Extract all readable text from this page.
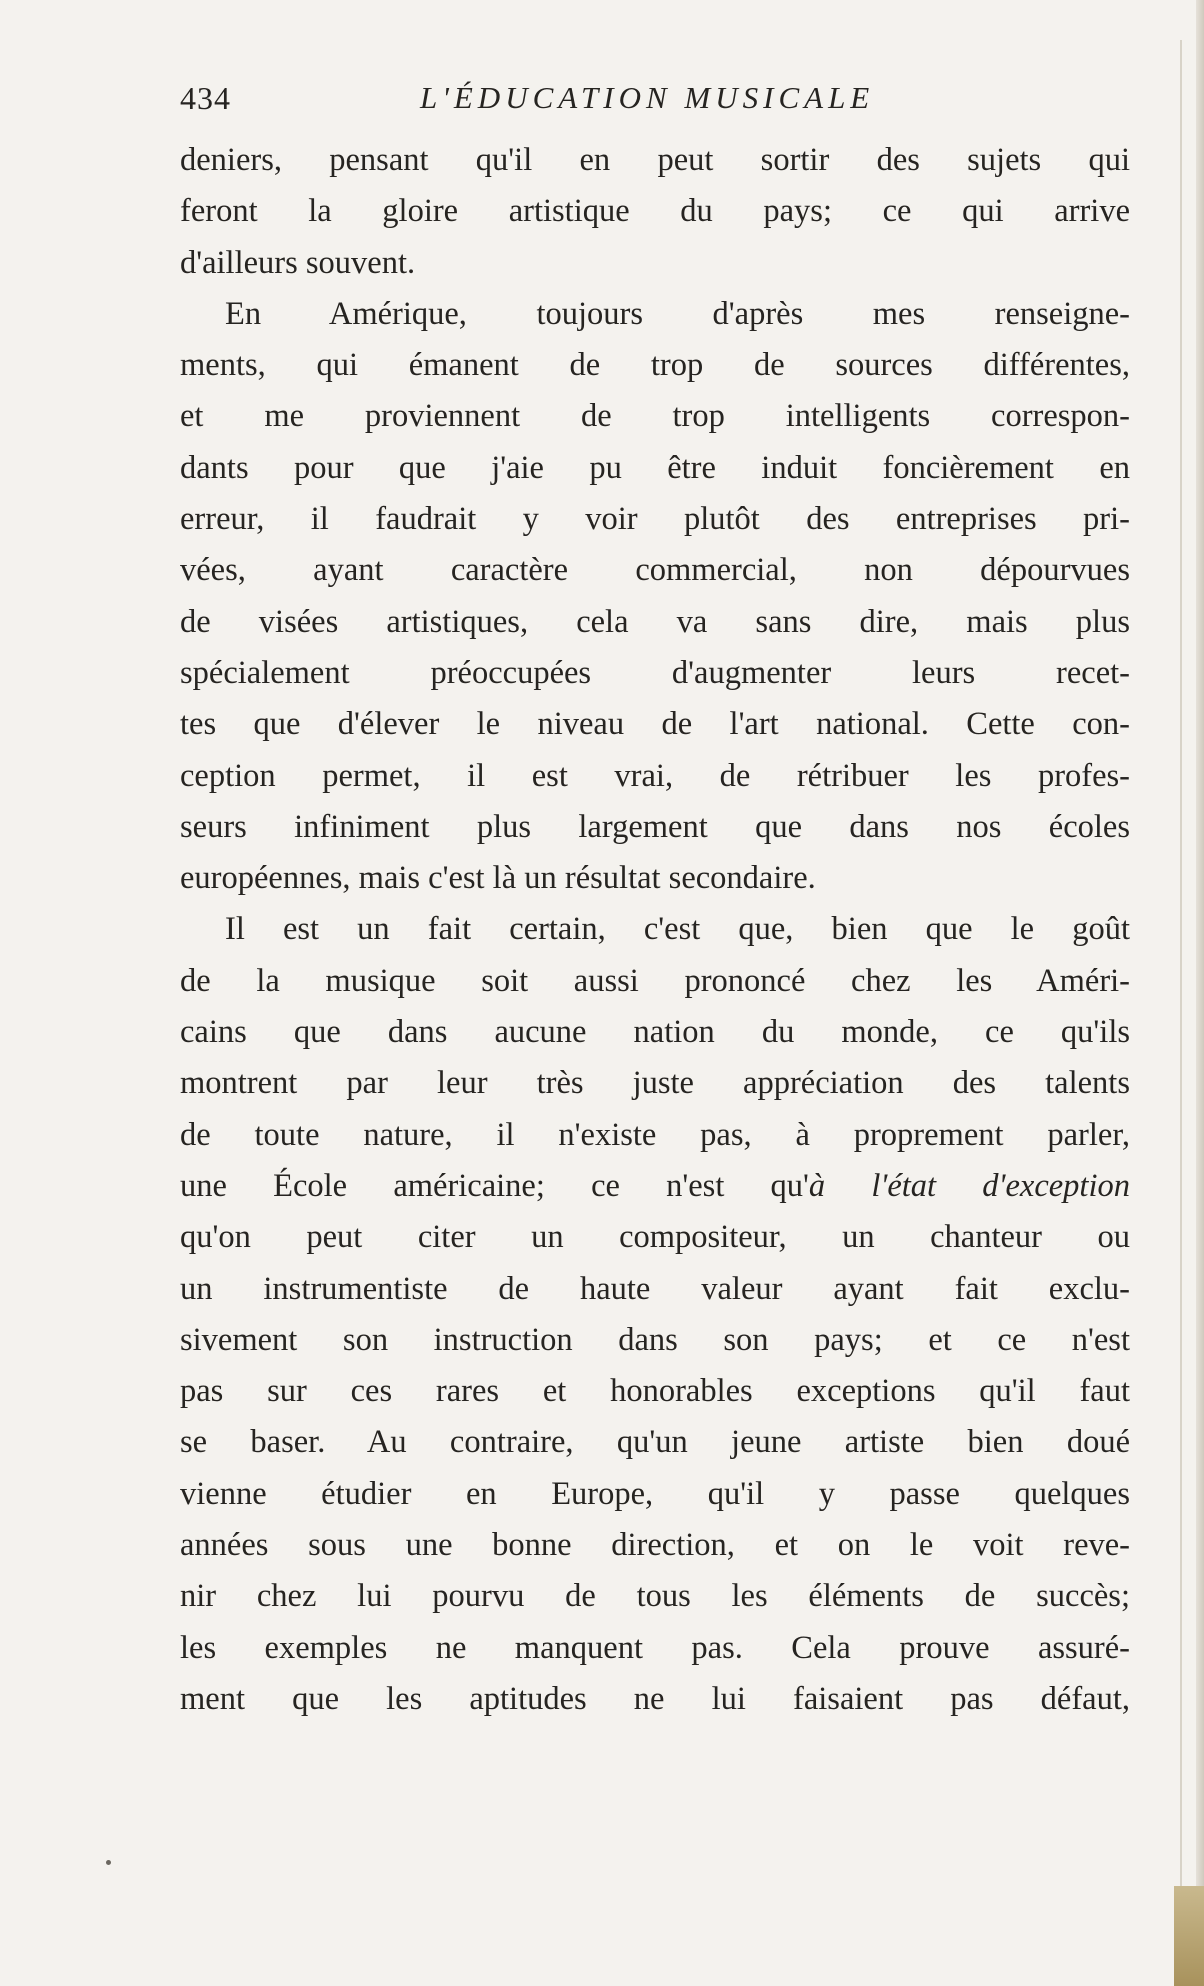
434	L'ÉDUCATION MUSICALE
deniers, pensant qu'il en peut sortir des sujets qui
feront la gloire artistique du pays; ce qui arrive
d'ailleurs souvent.
En Amérique, toujours d'après mes renseigne-
ments, qui émanent de trop de sources différentes,
et me proviennent de trop intelligents correspon-
dants pour que j'aie pu être induit foncièrement en
erreur, il faudrait y voir plutôt des entreprises pri-
vées, ayant caractère commercial, non dépourvues
de visées artistiques, cela va sans dire, mais plus
spécialement préoccupées d'augmenter leurs recet-
tes que d'élever le niveau de l'art national. Cette con-
ception permet, il est vrai, de rétribuer les profes-
seurs infiniment plus largement que dans nos écoles
européennes, mais c'est là un résultat secondaire.
Il est un fait certain, c'est que, bien que le goût
de la musique soit aussi prononcé chez les Améri-
cains que dans aucune nation du monde, ce qu'ils
montrent par leur très juste appréciation des talents
de toute nature, il n'existe pas, à proprement parler,
une École américaine; ce n'est qu'à l'état d'exception
qu'on peut citer un compositeur, un chanteur ou
un instrumentiste de haute valeur ayant fait exclu-
sivement son instruction dans son pays; et ce n'est
pas sur ces rares et honorables exceptions qu'il faut
se baser. Au contraire, qu'un jeune artiste bien doué
vienne étudier en Europe, qu'il y passe quelques
années sous une bonne direction, et on le voit reve-
nir chez lui pourvu de tous les éléments de succès;
les exemples ne manquent pas. Cela prouve assuré-
ment que les aptitudes ne lui faisaient pas défaut,
